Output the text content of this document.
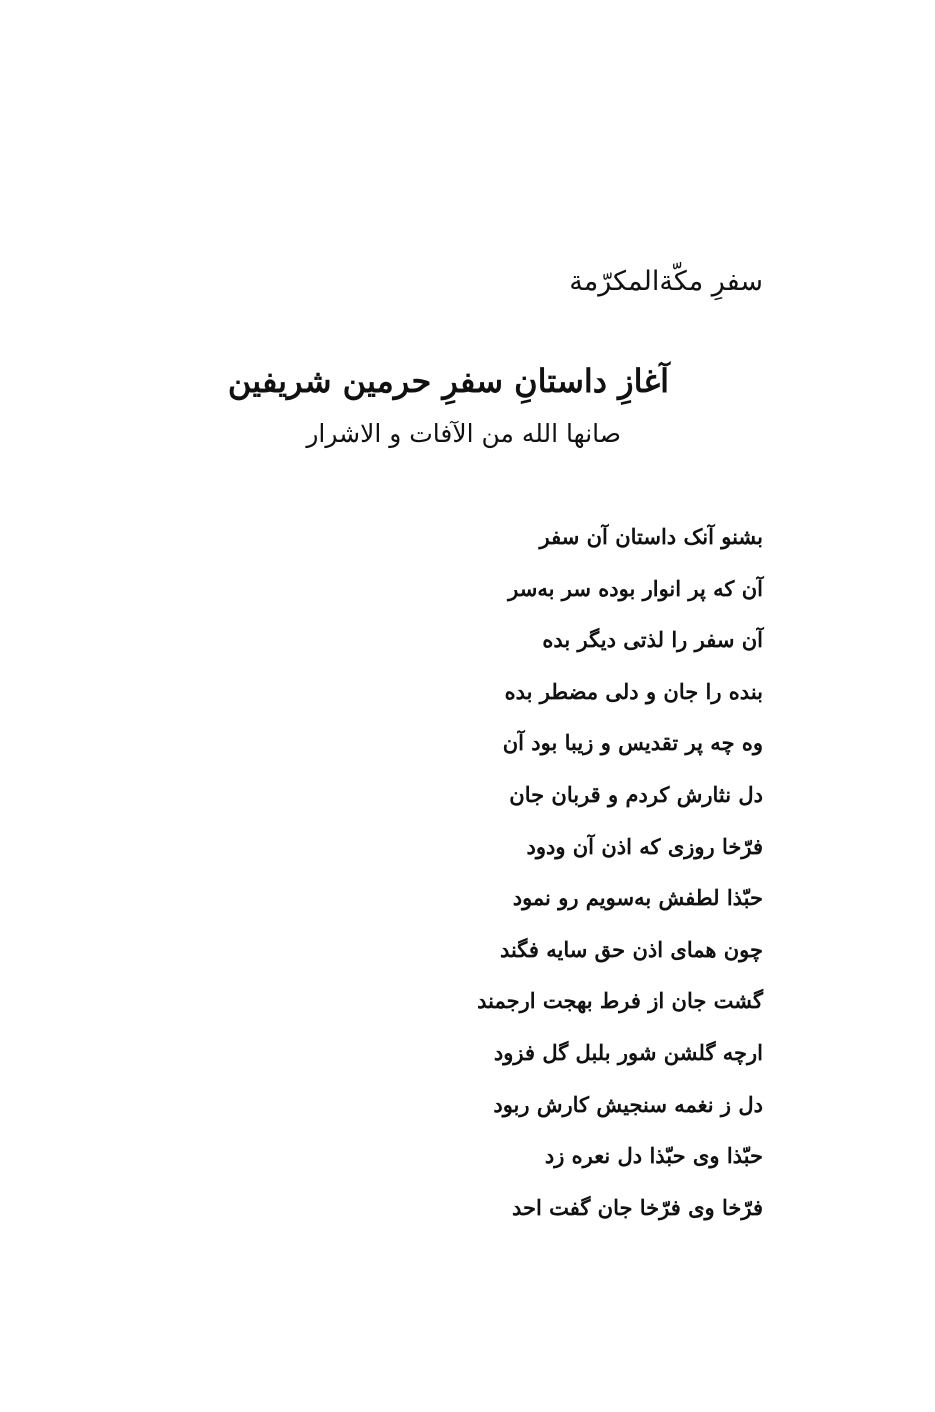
سفرِ مکّةالمکرّمة
آغازِ داستانِ سفرِ حرمین شریفین
صانها الله من الآفات و الاشرار
بشنو آنک داستان آن سفر
آن که پر انوار بوده سر به‌سر
آن سفر را لذتی دیگر بده
بنده را جان و دلی مضطر بده
وه چه پر تقدیس و زیبا بود آن
دل نثارش کردم و قربان جان
فرّخا روزی که اذن آن ودود
حبّذا لطفش به‌سویم رو نمود
چون همای اذن حق سایه فگند
گشت جان از فرط بهجت ارجمند
ارچه گلشن شور بلبل گل فزود
دل ز نغمه سنجیش کارش ربود
حبّذا وی حبّذا دل نعره زد
فرّخا وی فرّخا جان گفت احد
